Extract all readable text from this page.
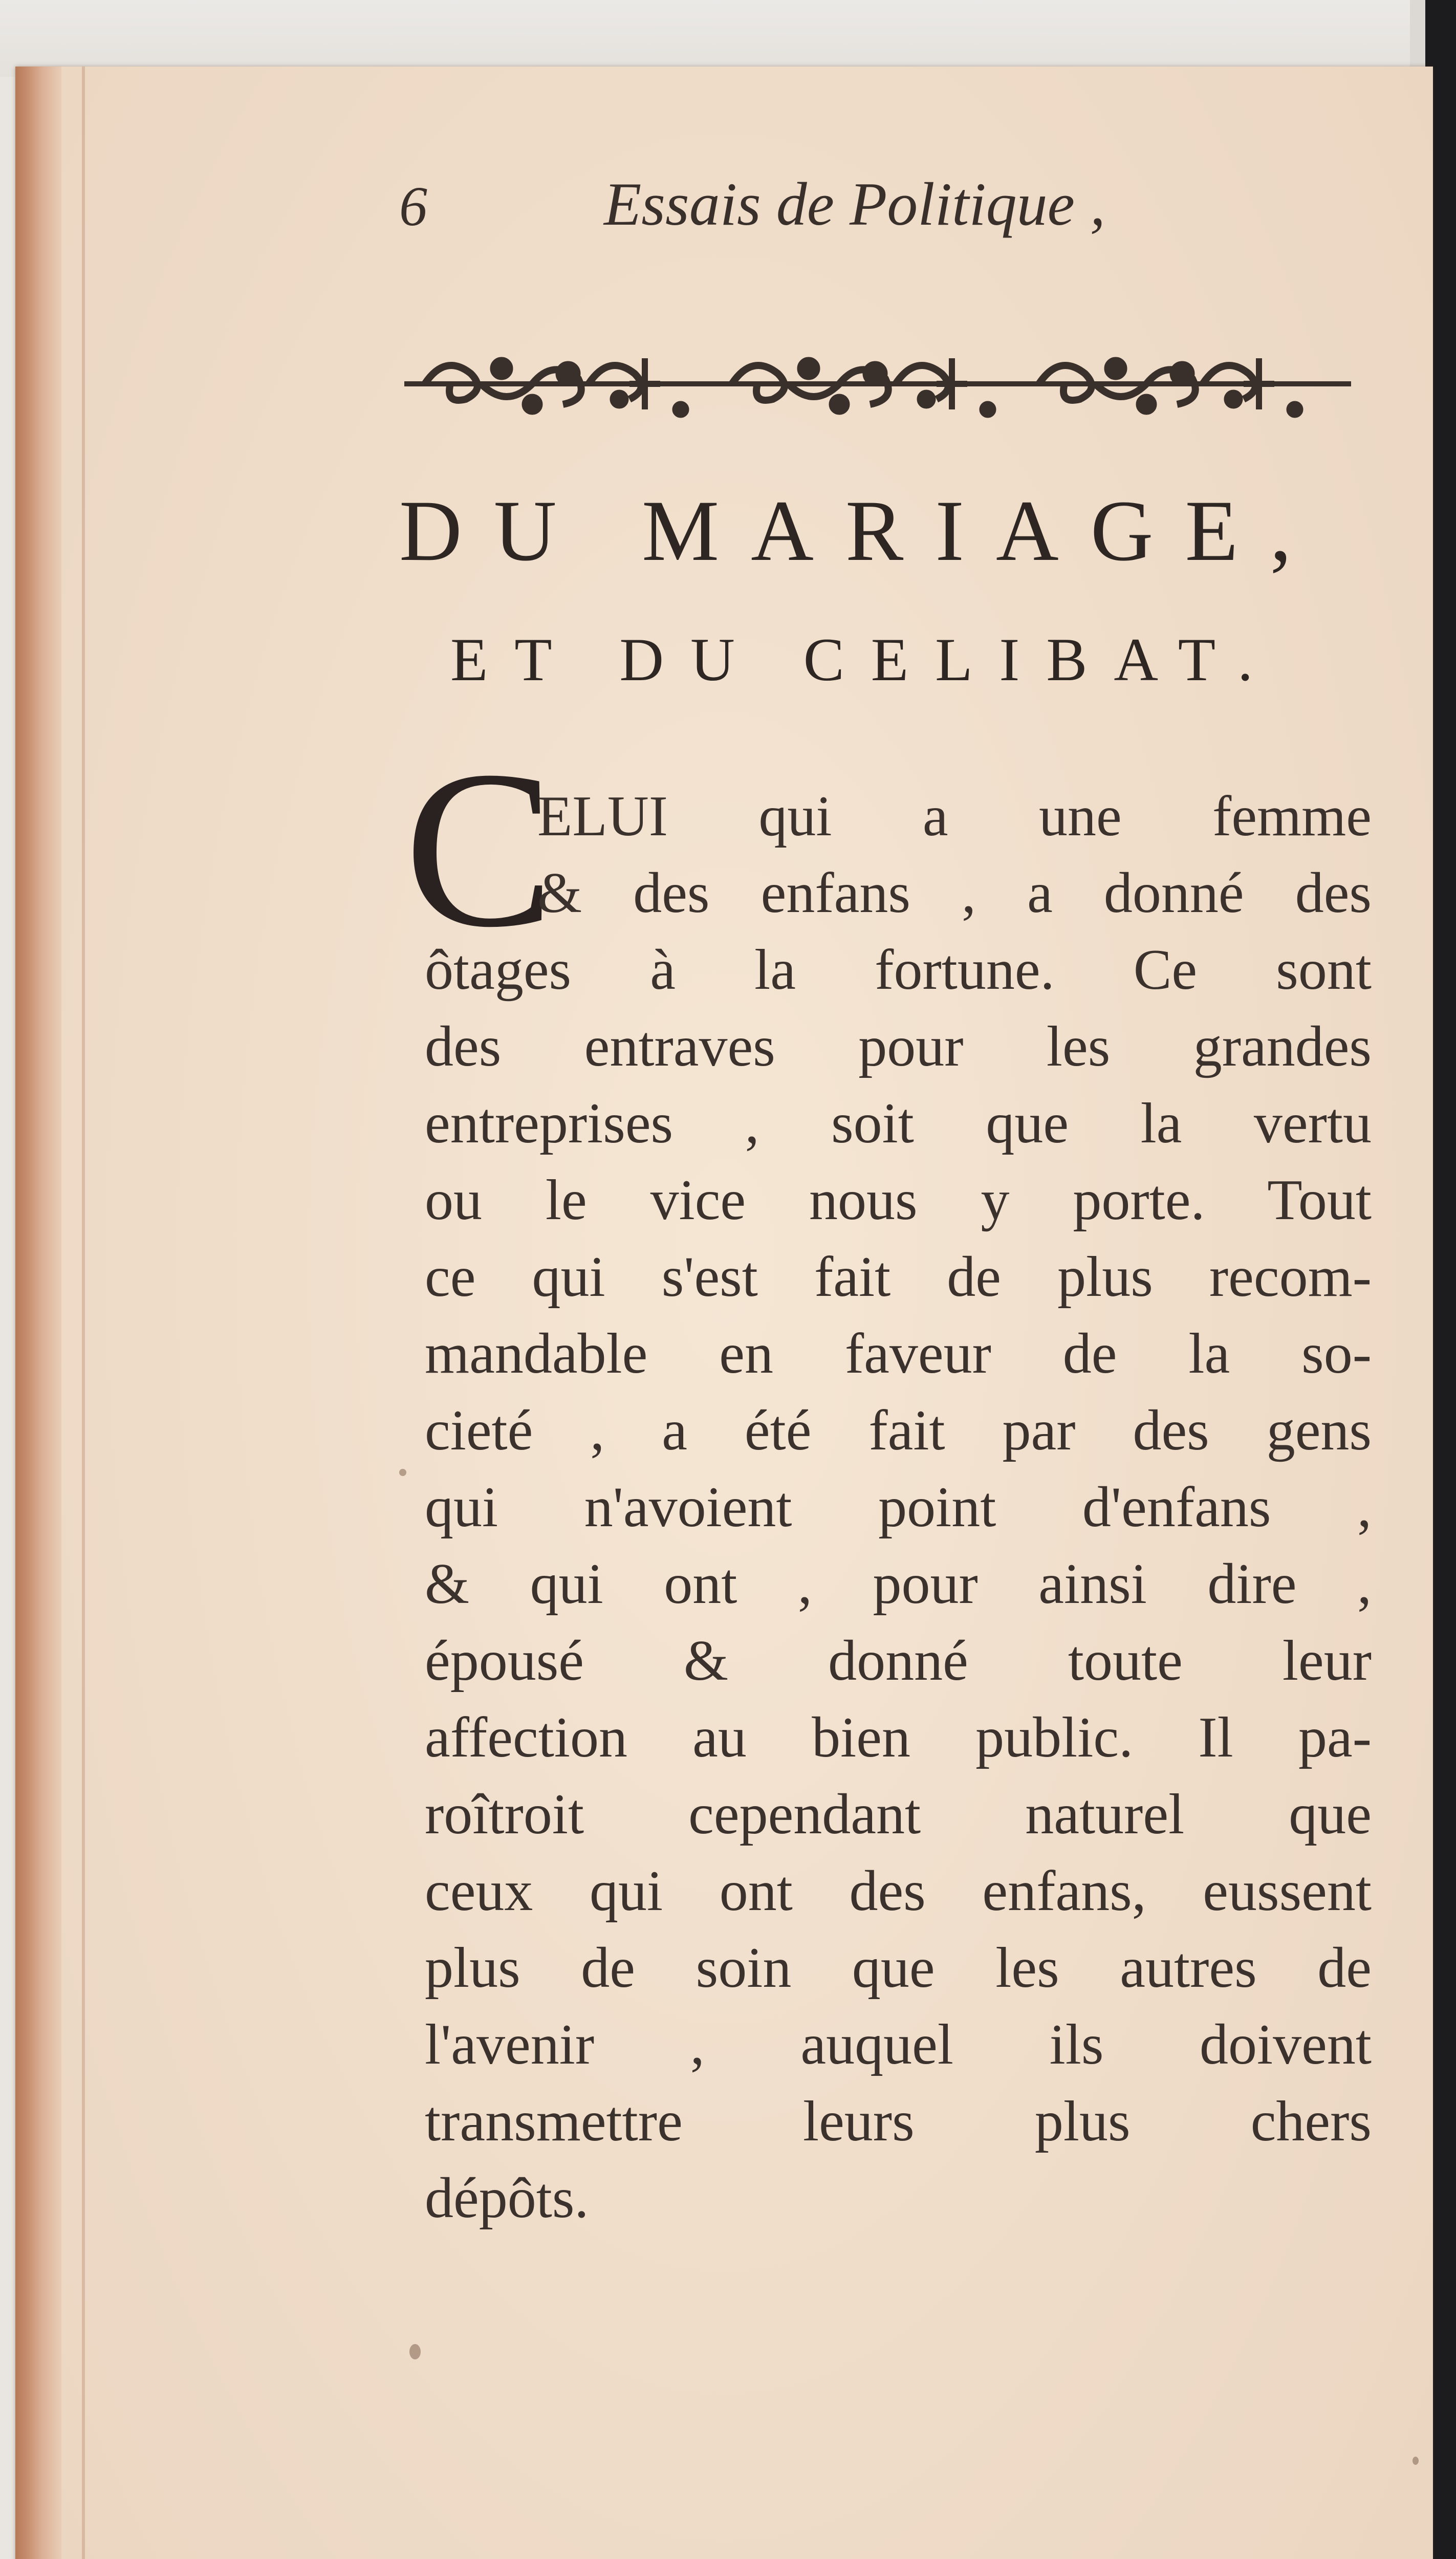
6	Essais de Politique ,
DU MARIAGE,
ET DU CELIBAT.
C
ELUI qui a une femme
& des enfans , a donné des
ôtages à la fortune. Ce sont
des entraves pour les grandes
entreprises , soit que la vertu
ou le vice nous y porte. Tout
ce qui s'est fait de plus recom-
mandable en faveur de la so-
cieté , a été fait par des gens
qui n'avoient point d'enfans ,
& qui ont , pour ainsi dire ,
épousé & donné toute leur
affection au bien public. Il pa-
roîtroit cependant naturel que
ceux qui ont des enfans, eussent
plus de soin que les autres de
l'avenir , auquel ils doivent
transmettre leurs plus chers
dépôts.
